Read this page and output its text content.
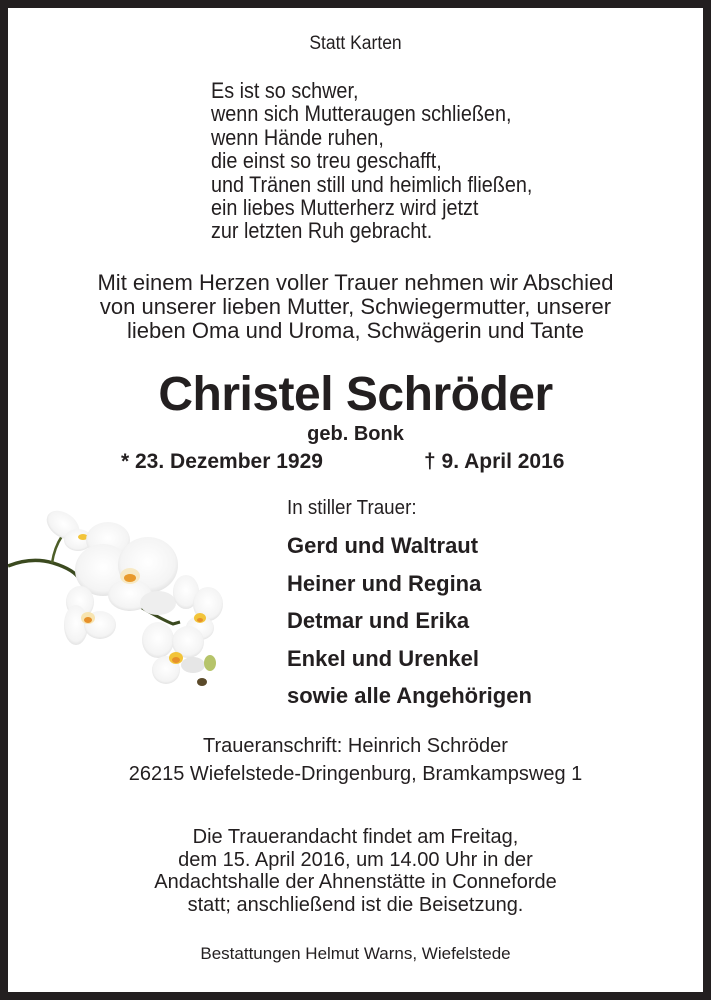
Statt Karten
Es ist so schwer,
wenn sich Mutteraugen schließen,
wenn Hände ruhen,
die einst so treu geschafft,
und Tränen still und heimlich fließen,
ein liebes Mutterherz wird jetzt
zur letzten Ruh gebracht.
Mit einem Herzen voller Trauer nehmen wir Abschied
von unserer lieben Mutter, Schwiegermutter, unserer
lieben Oma und Uroma, Schwägerin und Tante
Christel Schröder
geb. Bonk
* 23. Dezember 1929	† 9. April 2016
In stiller Trauer:
Gerd und Waltraut
Heiner und Regina
Detmar und Erika
Enkel und Urenkel
sowie alle Angehörigen
Traueranschrift: Heinrich Schröder
26215 Wiefelstede-Dringenburg, Bramkampsweg 1
Die Trauerandacht findet am Freitag,
dem 15. April 2016, um 14.00 Uhr in der
Andachtshalle der Ahnenstätte in Conneforde
statt; anschließend ist die Beisetzung.
Bestattungen Helmut Warns, Wiefelstede
